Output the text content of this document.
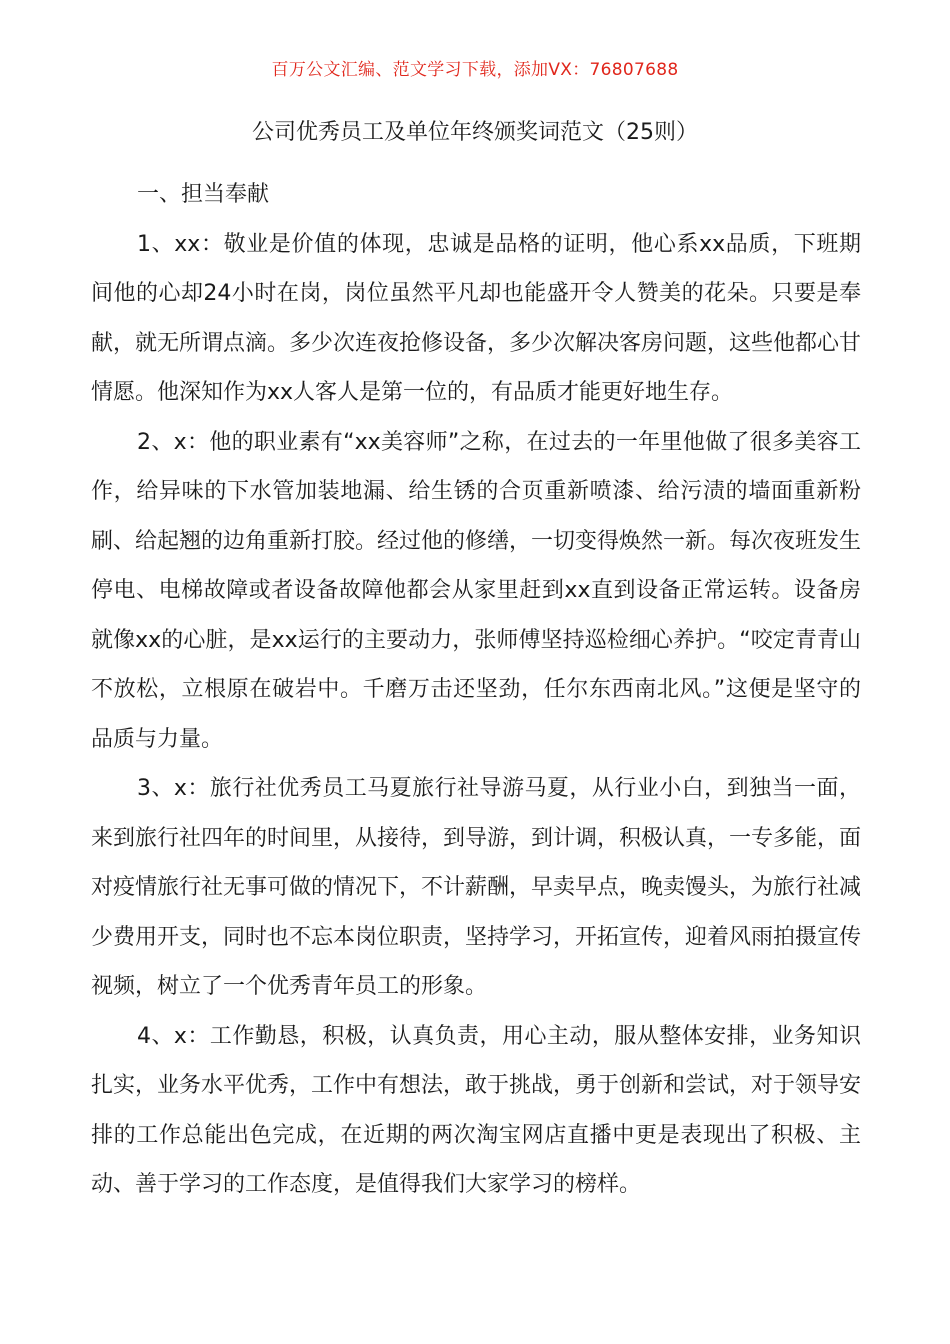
百万公文汇编、范文学习下载，添加VX：76807688
公司优秀员工及单位年终颁奖词范文（25则）

一、担当奉献

1、xx：敬业是价值的体现，忠诚是品格的证明，他心系xx品质，下班期间他的心却24小时在岗，岗位虽然平凡却也能盛开令人赞美的花朵。只要是奉献，就无所谓点滴。多少次连夜抢修设备，多少次解决客房问题，这些他都心甘情愿。他深知作为xx人客人是第一位的，有品质才能更好地生存。

2、x：他的职业素有“xx美容师”之称，在过去的一年里他做了很多美容工作，给异味的下水管加装地漏、给生锈的合页重新喷漆、给污渍的墙面重新粉刷、给起翘的边角重新打胶。经过他的修缮，一切变得焕然一新。每次夜班发生停电、电梯故障或者设备故障他都会从家里赶到xx直到设备正常运转。设备房就像xx的心脏，是xx运行的主要动力，张师傅坚持巡检细心养护。“咬定青青山不放松，立根原在破岩中。千磨万击还坚劲，任尔东西南北风。”这便是坚守的品质与力量。

3、x：旅行社优秀员工马夏旅行社导游马夏，从行业小白，到独当一面，来到旅行社四年的时间里，从接待，到导游，到计调，积极认真，一专多能，面对疫情旅行社无事可做的情况下，不计薪酬，早卖早点，晚卖馒头，为旅行社减少费用开支，同时也不忘本岗位职责，坚持学习，开拓宣传，迎着风雨拍摄宣传视频，树立了一个优秀青年员工的形象。

4、x：工作勤恳，积极，认真负责，用心主动，服从整体安排，业务知识扎实，业务水平优秀，工作中有想法，敢于挑战，勇于创新和尝试，对于领导安排的工作总能出色完成，在近期的两次淘宝网店直播中更是表现出了积极、主动、善于学习的工作态度，是值得我们大家学习的榜样。
